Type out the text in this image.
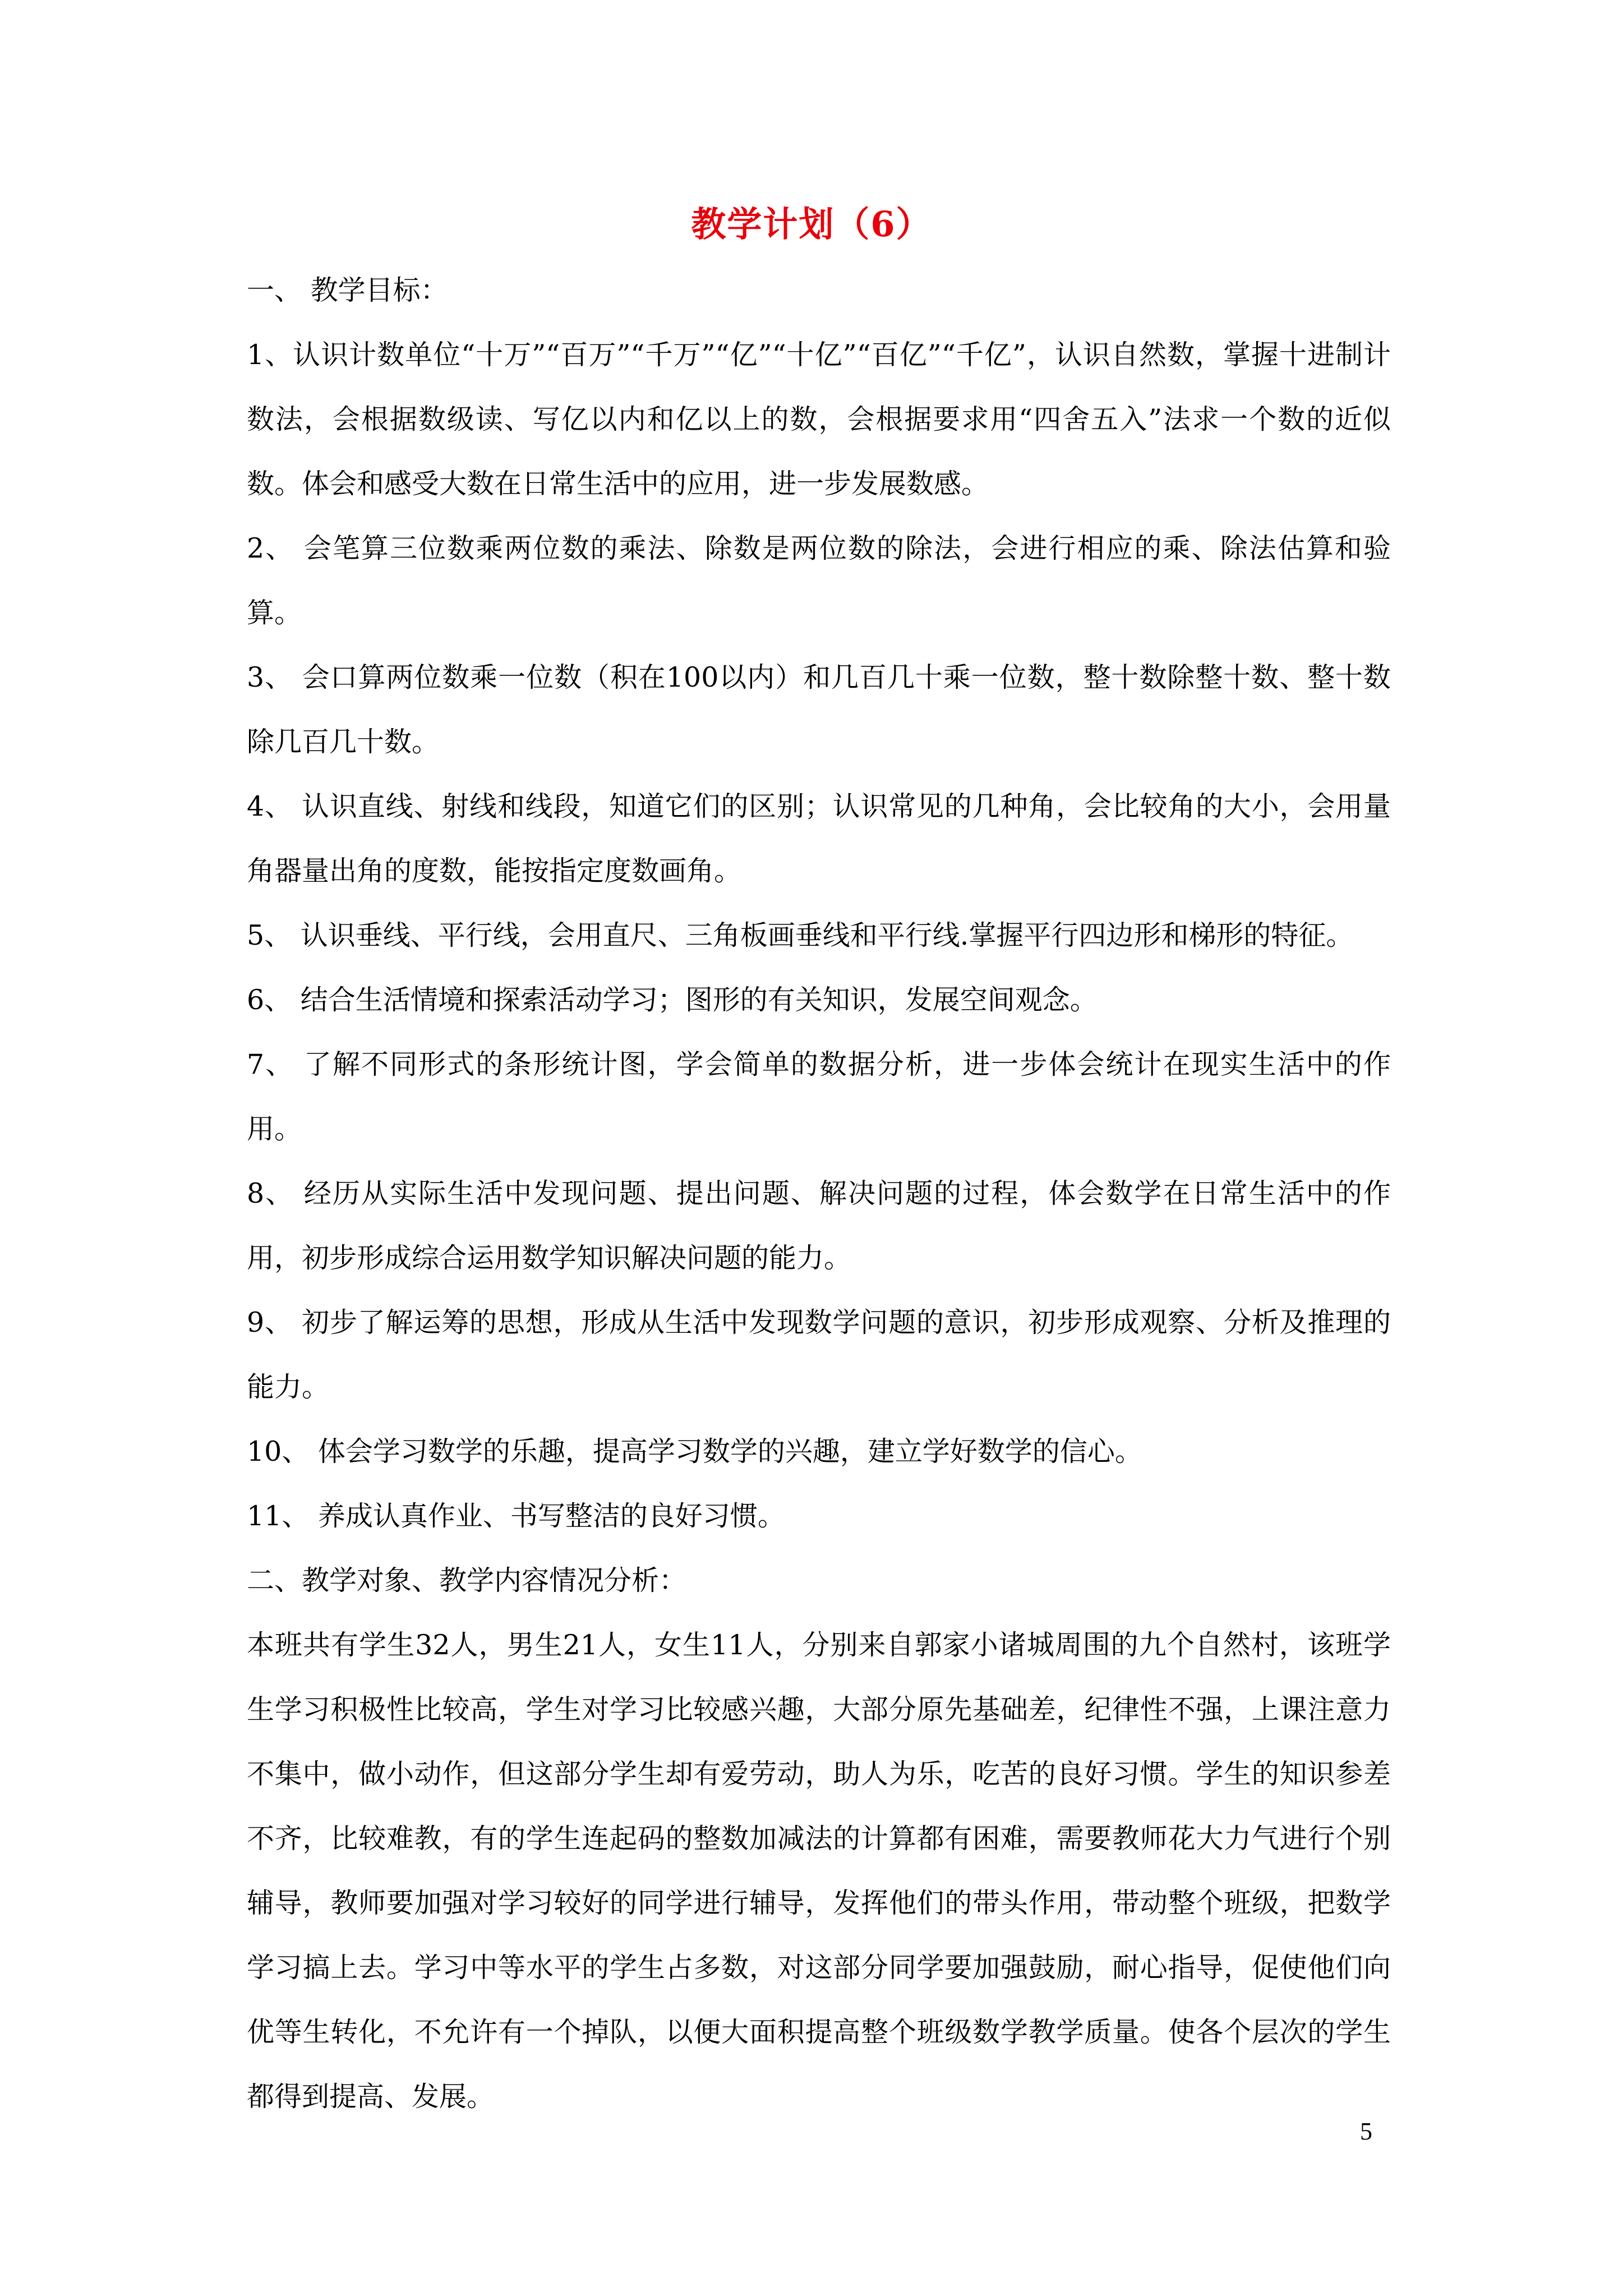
教学计划（6）

一、 教学目标：

1、认识计数单位“十万”“百万”“千万”“亿”“十亿”“百亿”“千亿”，认识自然数，掌握十进制计数法，会根据数级读、写亿以内和亿以上的数，会根据要求用“四舍五入”法求一个数的近似数。体会和感受大数在日常生活中的应用，进一步发展数感。

2、 会笔算三位数乘两位数的乘法、除数是两位数的除法，会进行相应的乘、除法估算和验算。

3、 会口算两位数乘一位数（积在100以内）和几百几十乘一位数，整十数除整十数、整十数除几百几十数。

4、 认识直线、射线和线段，知道它们的区别；认识常见的几种角，会比较角的大小，会用量角器量出角的度数，能按指定度数画角。

5、 认识垂线、平行线，会用直尺、三角板画垂线和平行线.掌握平行四边形和梯形的特征。

6、 结合生活情境和探索活动学习；图形的有关知识，发展空间观念。

7、 了解不同形式的条形统计图，学会简单的数据分析，进一步体会统计在现实生活中的作用。

8、 经历从实际生活中发现问题、提出问题、解决问题的过程，体会数学在日常生活中的作用，初步形成综合运用数学知识解决问题的能力。

9、 初步了解运筹的思想，形成从生活中发现数学问题的意识，初步形成观察、分析及推理的能力。

10、 体会学习数学的乐趣，提高学习数学的兴趣，建立学好数学的信心。

11、 养成认真作业、书写整洁的良好习惯。

二、教学对象、教学内容情况分析：

本班共有学生32人，男生21人，女生11人，分别来自郭家小诸城周围的九个自然村，该班学生学习积极性比较高，学生对学习比较感兴趣，大部分原先基础差，纪律性不强，上课注意力不集中，做小动作，但这部分学生却有爱劳动，助人为乐，吃苦的良好习惯。学生的知识参差不齐，比较难教，有的学生连起码的整数加减法的计算都有困难，需要教师花大力气进行个别辅导，教师要加强对学习较好的同学进行辅导，发挥他们的带头作用，带动整个班级，把数学学习搞上去。学习中等水平的学生占多数，对这部分同学要加强鼓励，耐心指导，促使他们向优等生转化，不允许有一个掉队，以便大面积提高整个班级数学教学质量。使各个层次的学生都得到提高、发展。

5
